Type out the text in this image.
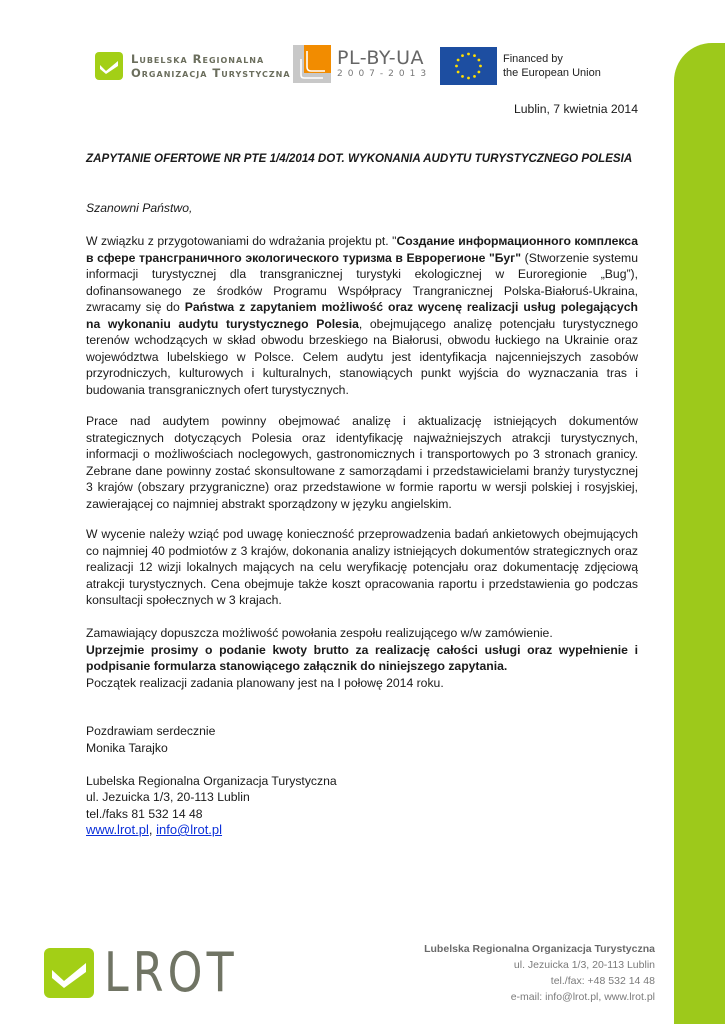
Lubelska Regionalna
Organizacja Turystyczna
PL-BY-UA
2007-2013
Financed by
the European Union
Lublin, 7 kwietnia 2014
ZAPYTANIE OFERTOWE NR PTE 1/4/2014 DOT. WYKONANIA AUDYTU TURYSTYCZNEGO POLESIA
Szanowni Państwo,
W związku z przygotowaniami do wdrażania projektu pt. "Создание информационного комплекса в сфере трансграничного экологического туризма в Еврорегионе "Буг" (Stworzenie systemu informacji turystycznej dla transgranicznej turystyki ekologicznej w Euroregionie „Bug”), dofinansowanego ze środków Programu Współpracy Trangranicznej Polska-Białoruś-Ukraina, zwracamy się do Państwa z zapytaniem możliwość oraz wycenę realizacji usług polegających na wykonaniu audytu turystycznego Polesia, obejmującego analizę potencjału turystycznego terenów wchodzących w skład obwodu brzeskiego na Białorusi, obwodu łuckiego na Ukrainie oraz województwa lubelskiego w Polsce. Celem audytu jest identyfikacja najcenniejszych zasobów przyrodniczych, kulturowych i kulturalnych, stanowiących punkt wyjścia do wyznaczania tras i budowania transgranicznych ofert turystycznych.
Prace nad audytem powinny obejmować analizę i aktualizację istniejących dokumentów strategicznych dotyczących Polesia oraz identyfikację najważniejszych atrakcji turystycznych, informacji o możliwościach noclegowych, gastronomicznych i transportowych po 3 stronach granicy. Zebrane dane powinny zostać skonsultowane z samorządami i przedstawicielami branży turystycznej 3 krajów (obszary przygraniczne) oraz przedstawione w formie raportu w wersji polskiej i rosyjskiej, zawierającej co najmniej abstrakt sporządzony w języku angielskim.
W wycenie należy wziąć pod uwagę konieczność przeprowadzenia badań ankietowych obejmujących co najmniej 40 podmiotów z 3 krajów, dokonania analizy istniejących dokumentów strategicznych oraz realizacji 12 wizji lokalnych mających na celu weryfikację potencjału oraz dokumentację zdjęciową atrakcji turystycznych. Cena obejmuje także koszt opracowania raportu i przedstawienia go podczas konsultacji społecznych w 3 krajach.
Zamawiający dopuszcza możliwość powołania zespołu realizującego w/w zamówienie.
Uprzejmie prosimy o podanie kwoty brutto za realizację całości usługi oraz wypełnienie i podpisanie formularza stanowiącego załącznik do niniejszego zapytania.
Początek realizacji zadania planowany jest na I połowę 2014 roku.
Pozdrawiam serdecznie
Monika Tarajko
Lubelska Regionalna Organizacja Turystyczna
ul. Jezuicka 1/3, 20-113 Lublin
tel./faks 81 532 14 48
www.lrot.pl, info@lrot.pl
LROT	Lubelska Regionalna Organizacja Turystyczna
ul. Jezuicka 1/3, 20-113 Lublin
tel./fax: +48 532 14 48
e-mail: info@lrot.pl, www.lrot.pl
